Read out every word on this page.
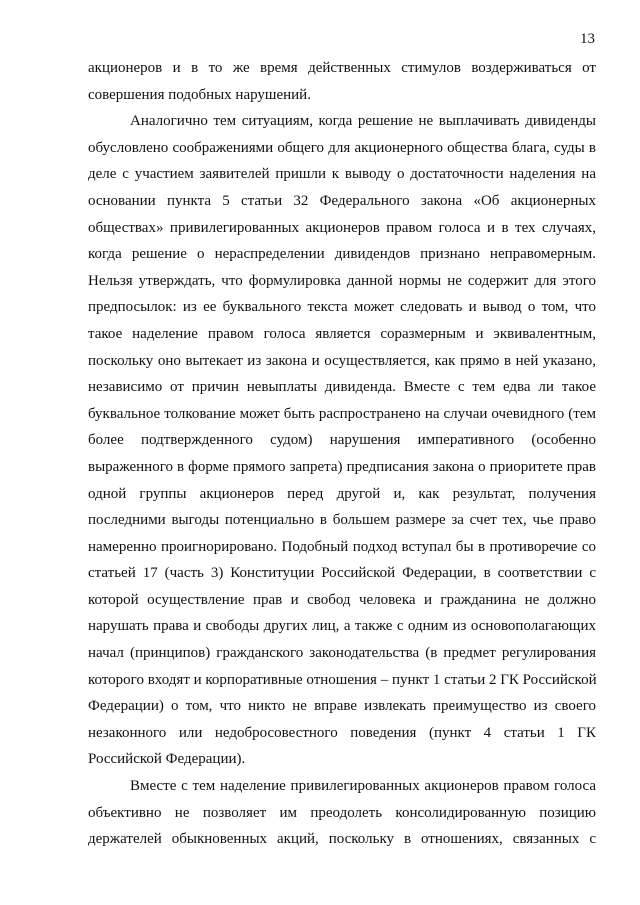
13
акционеров и в то же время действенных стимулов воздерживаться от
совершения подобных нарушений.
Аналогично тем ситуациям, когда решение не выплачивать дивиденды
обусловлено соображениями общего для акционерного общества блага, суды в
деле с участием заявителей пришли к выводу о достаточности наделения на
основании пункта 5 статьи 32 Федерального закона «Об акционерных
обществах» привилегированных акционеров правом голоса и в тех случаях,
когда решение о нераспределении дивидендов признано неправомерным.
Нельзя утверждать, что формулировка данной нормы не содержит для этого
предпосылок: из ее буквального текста может следовать и вывод о том, что
такое наделение правом голоса является соразмерным и эквивалентным,
поскольку оно вытекает из закона и осуществляется, как прямо в ней указано,
независимо от причин невыплаты дивиденда. Вместе с тем едва ли такое
буквальное толкование может быть распространено на случаи очевидного (тем
более подтвержденного судом) нарушения императивного (особенно
выраженного в форме прямого запрета) предписания закона о приоритете прав
одной группы акционеров перед другой и, как результат, получения
последними выгоды потенциально в большем размере за счет тех, чье право
намеренно проигнорировано. Подобный подход вступал бы в противоречие со
статьей 17 (часть 3) Конституции Российской Федерации, в соответствии с
которой осуществление прав и свобод человека и гражданина не должно
нарушать права и свободы других лиц, а также с одним из основополагающих
начал (принципов) гражданского законодательства (в предмет регулирования
которого входят и корпоративные отношения – пункт 1 статьи 2 ГК Российской
Федерации) о том, что никто не вправе извлекать преимущество из своего
незаконного или недобросовестного поведения (пункт 4 статьи 1 ГК
Российской Федерации).
Вместе с тем наделение привилегированных акционеров правом голоса
объективно не позволяет им преодолеть консолидированную позицию
держателей обыкновенных акций, поскольку в отношениях, связанных с
